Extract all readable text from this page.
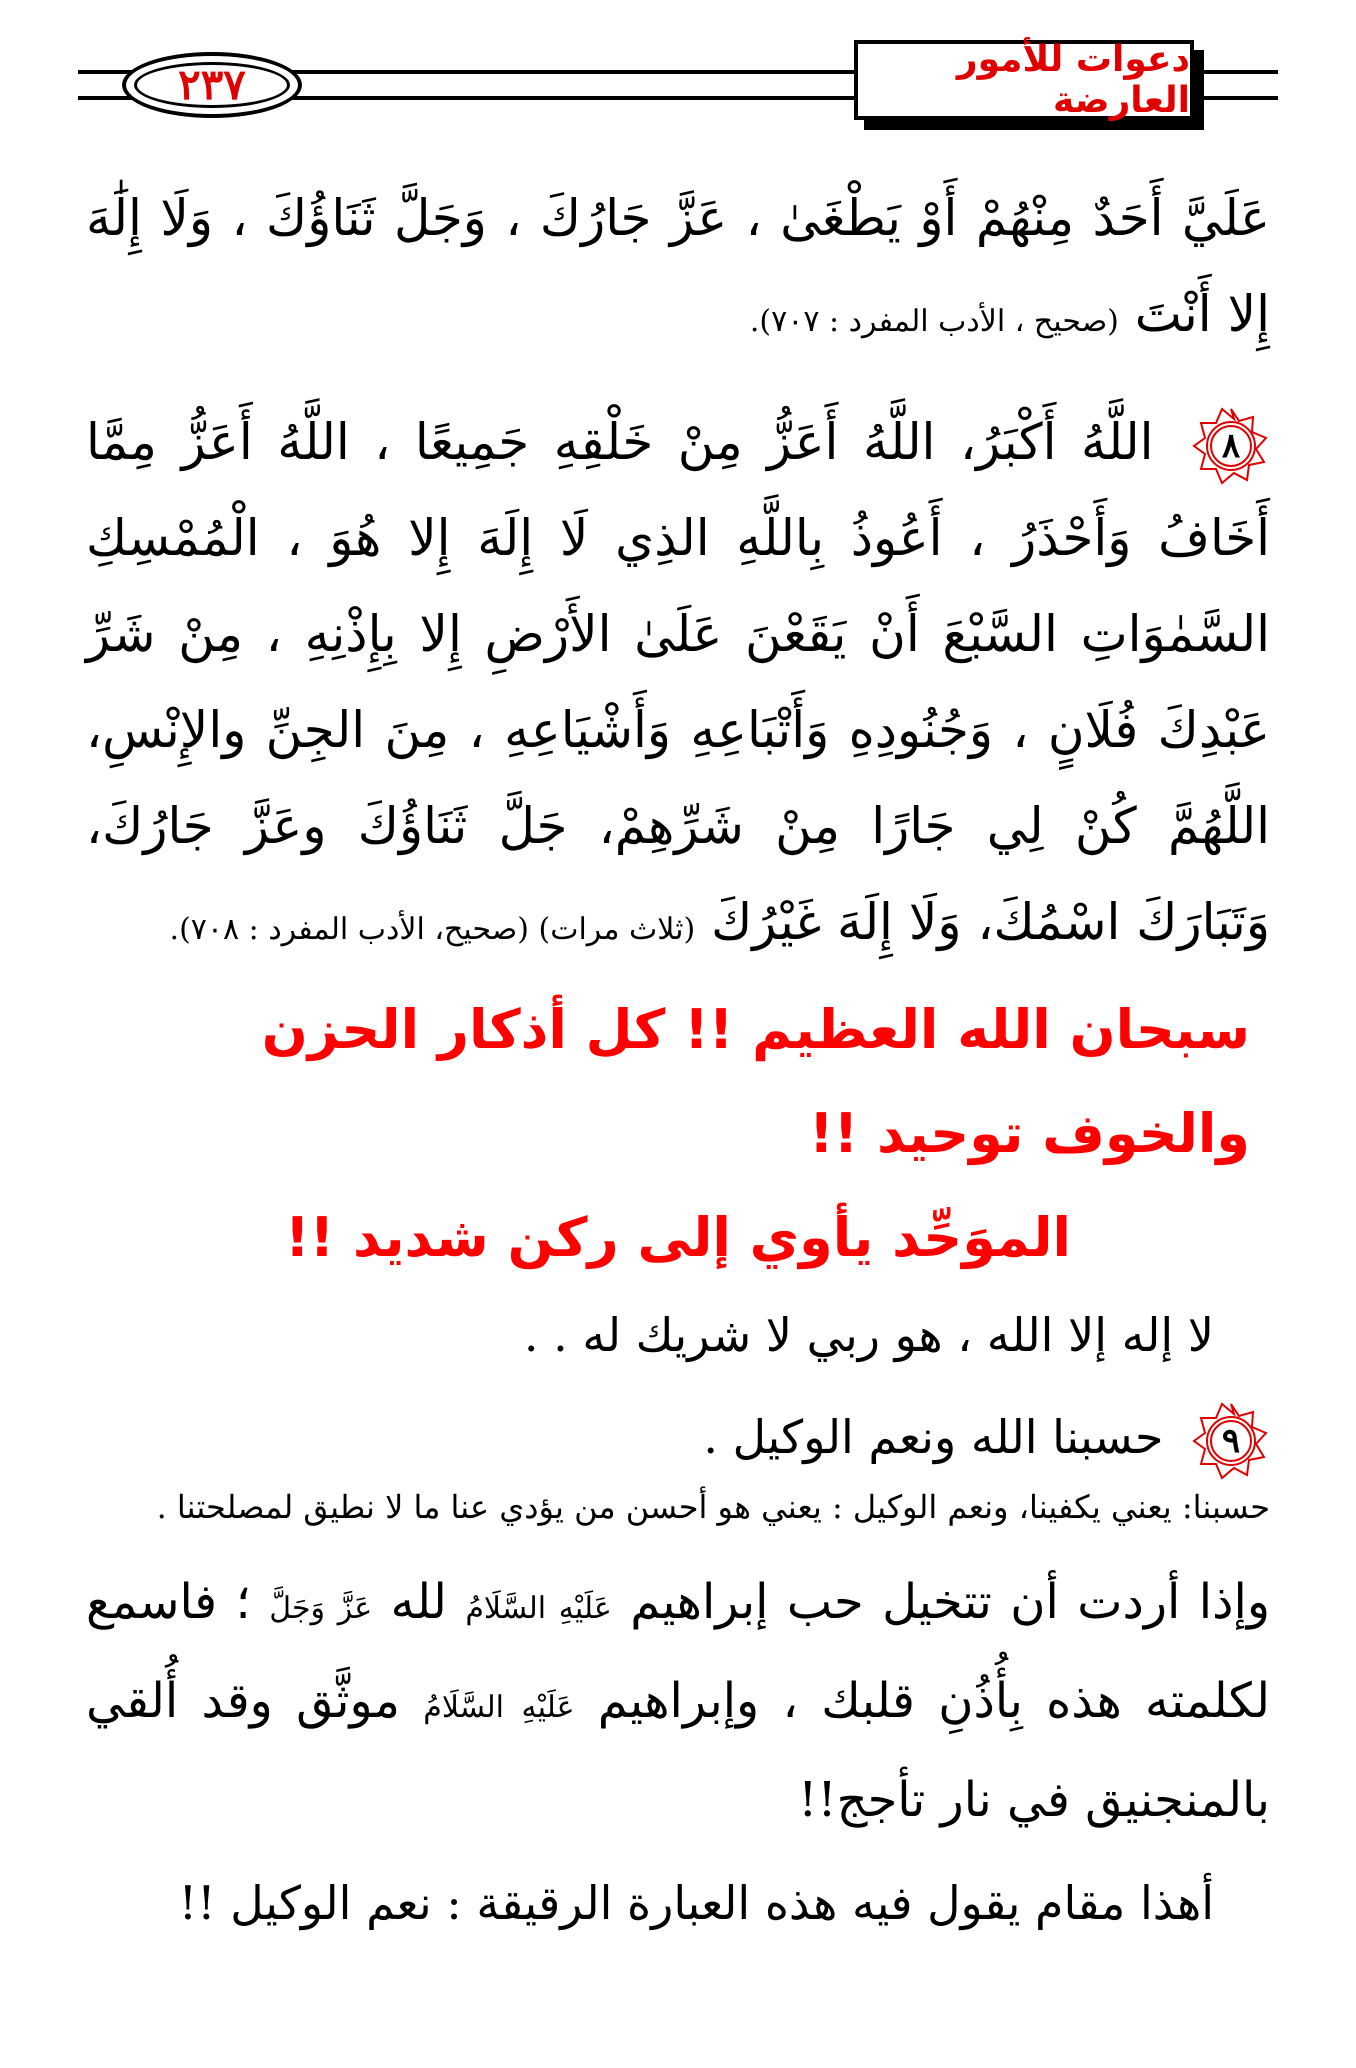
٢٣٧
دعوات للأمور العارضة

عَلَيَّ أَحَدٌ مِنْهُمْ أَوْ يَطْغَىٰ ، عَزَّ جَارُكَ ، وَجَلَّ ثَنَاؤُكَ ، وَلَا إِلَٰهَ إِلا أَنْتَ (صحيح ، الأدب المفرد : ٧٠٧).

٨
اللَّهُ أَكْبَرُ، اللَّهُ أَعَزُّ مِنْ خَلْقِهِ جَمِيعًا ، اللَّهُ أَعَزُّ مِمَّا أَخَافُ وَأَحْذَرُ ، أَعُوذُ بِاللَّهِ الذِي لَا إِلَهَ إِلا هُوَ ، الْمُمْسِكِ السَّمٰوَاتِ السَّبْعَ أَنْ يَقَعْنَ عَلَىٰ الأَرْضِ إِلا بِإِذْنِهِ ، مِنْ شَرِّ عَبْدِكَ فُلَانٍ ، وَجُنُودِهِ وَأَتْبَاعِهِ وَأَشْيَاعِهِ ، مِنَ الجِنِّ والإِنْسِ، اللَّهُمَّ كُنْ لِي جَارًا مِنْ شَرِّهِمْ، جَلَّ ثَنَاؤُكَ وعَزَّ جَارُكَ، وَتَبَارَكَ اسْمُكَ، وَلَا إِلَهَ غَيْرُكَ (ثلاث مرات) (صحيح، الأدب المفرد : ٧٠٨).

سبحان الله العظيم !! كل أذكار الحزن والخوف توحيد !!

الموَحِّد يأوي إلى ركن شديد !!

لا إله إلا الله ، هو ربي لا شريك له . .

٩
حسبنا الله ونعم الوكيل .

حسبنا: يعني يكفينا، ونعم الوكيل : يعني هو أحسن من يؤدي عنا ما لا نطيق لمصلحتنا .

وإذا أردت أن تتخيل حب إبراهيم عَلَيْهِ السَّلَامُ لله عَزَّ وَجَلَّ ؛ فاسمع لكلمته هذه بِأُذُنِ قلبك ، وإبراهيم عَلَيْهِ السَّلَامُ موثَّق وقد أُلقي بالمنجنيق في نار تأجج!!

أهذا مقام يقول فيه هذه العبارة الرقيقة : نعم الوكيل !!
